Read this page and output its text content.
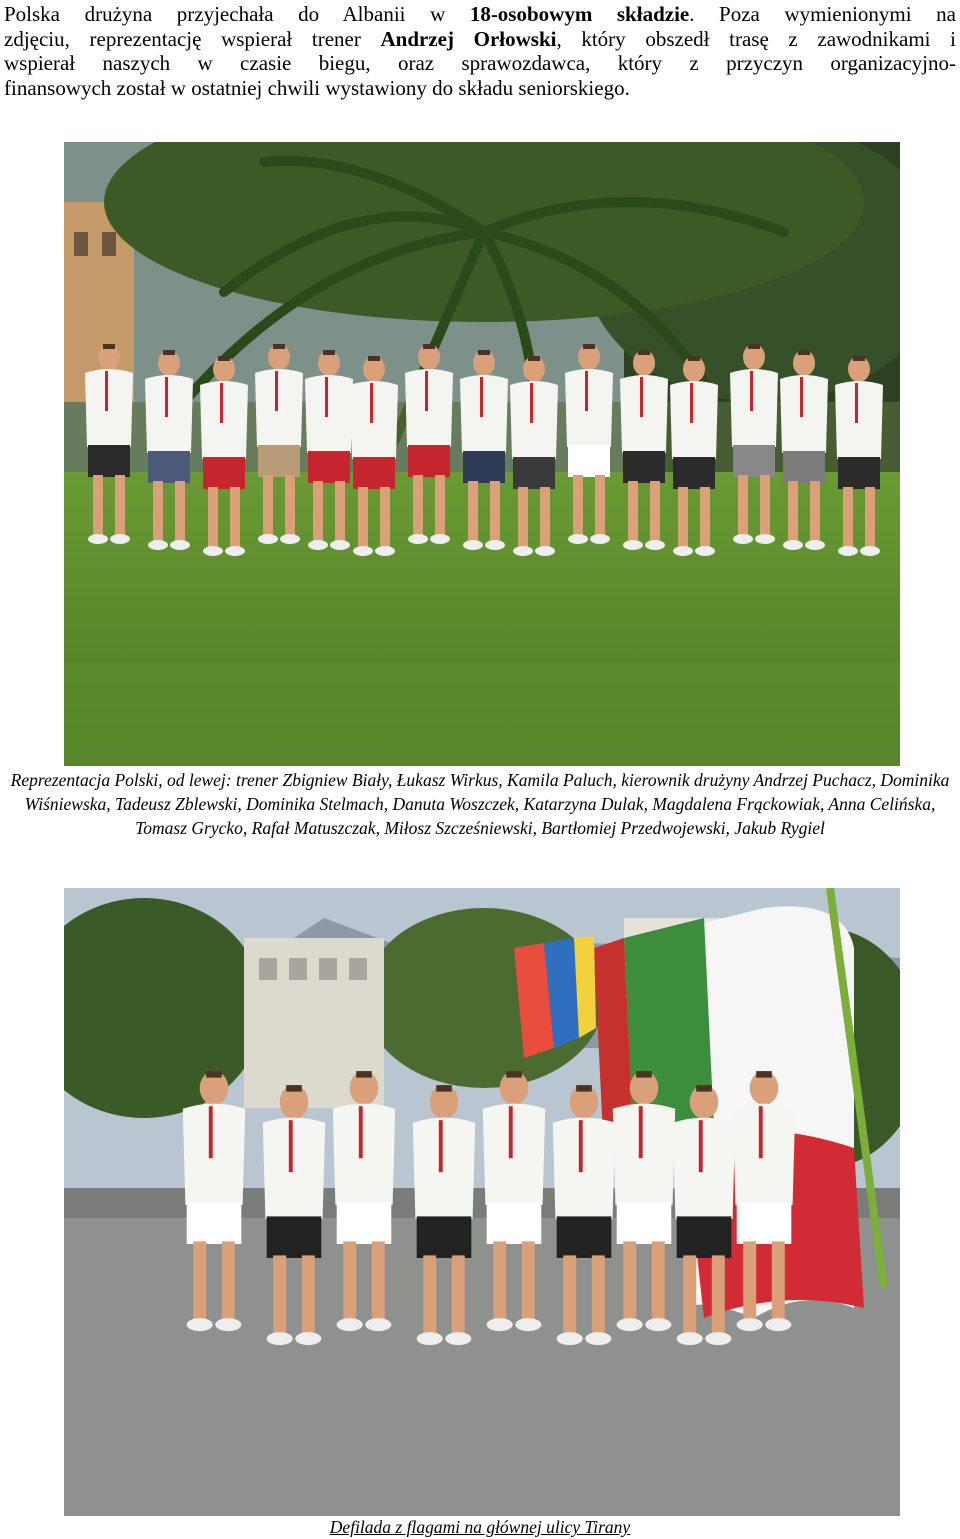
Polska drużyna przyjechała do Albanii w 18-osobowym składzie. Poza wymienionymi na
zdjęciu, reprezentację wspierał trener Andrzej Orłowski, który obszedł trasę z zawodnikami i
wspierał naszych w czasie biegu, oraz sprawozdawca, który z przyczyn organizacyjno-
finansowych został w ostatniej chwili wystawiony do składu seniorskiego.
Reprezentacja Polski, od lewej: trener Zbigniew Biały, Łukasz Wirkus, Kamila Paluch, kierownik drużyny Andrzej Puchacz, Dominika Wiśniewska, Tadeusz Zblewski, Dominika Stelmach, Danuta Woszczek, Katarzyna Dulak, Magdalena Frąckowiak, Anna Celińska, Tomasz Grycko, Rafał Matuszczak, Miłosz Szcześniewski, Bartłomiej Przedwojewski, Jakub Rygiel
Defilada z flagami na głównej ulicy Tirany
